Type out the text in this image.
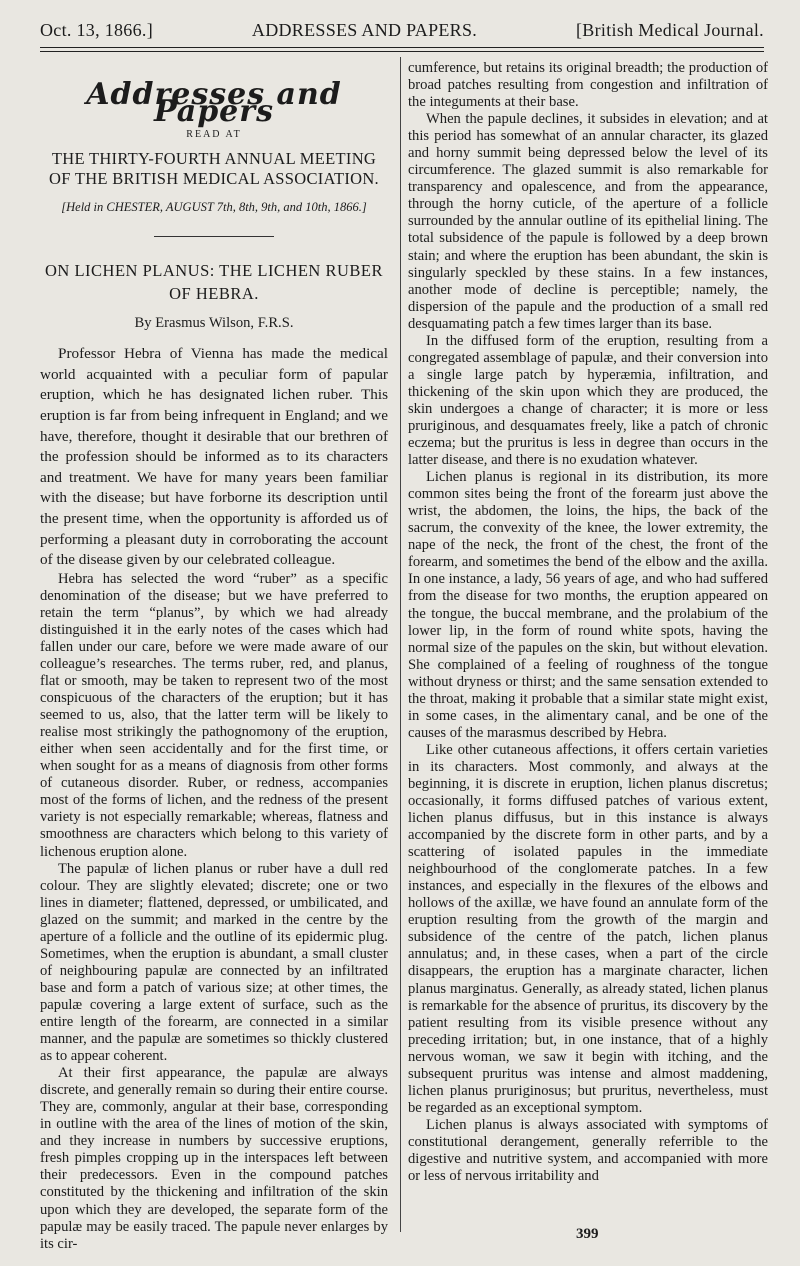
Oct. 13, 1866.]	ADDRESSES AND PAPERS.	[British Medical Journal.
Addresses and Papers
READ AT
THE THIRTY-FOURTH ANNUAL MEETING OF THE BRITISH MEDICAL ASSOCIATION.
[Held in CHESTER, AUGUST 7th, 8th, 9th, and 10th, 1866.]
ON LICHEN PLANUS: THE LICHEN RUBER OF HEBRA.
By Erasmus Wilson, F.R.S.

Professor Hebra of Vienna has made the medical world acquainted with a peculiar form of papular eruption, which he has designated lichen ruber. This eruption is far from being infrequent in England; and we have, therefore, thought it desirable that our brethren of the profession should be informed as to its characters and treatment. We have for many years been familiar with the disease; but have forborne its description until the present time, when the opportunity is afforded us of performing a pleasant duty in corroborating the account of the disease given by our celebrated colleague.

Hebra has selected the word “ruber” as a specific denomination of the disease; but we have preferred to retain the term “planus”, by which we had already distinguished it in the early notes of the cases which had fallen under our care, before we were made aware of our colleague’s researches. The terms ruber, red, and planus, flat or smooth, may be taken to represent two of the most conspicuous of the characters of the eruption; but it has seemed to us, also, that the latter term will be likely to realise most strikingly the pathognomony of the eruption, either when seen accidentally and for the first time, or when sought for as a means of diagnosis from other forms of cutaneous disorder. Ruber, or redness, accompanies most of the forms of lichen, and the redness of the present variety is not especially remarkable; whereas, flatness and smoothness are characters which belong to this variety of lichenous eruption alone.

The papulæ of lichen planus or ruber have a dull red colour. They are slightly elevated; discrete; one or two lines in diameter; flattened, depressed, or umbilicated, and glazed on the summit; and marked in the centre by the aperture of a follicle and the outline of its epidermic plug. Sometimes, when the eruption is abundant, a small cluster of neighbouring papulæ are connected by an infiltrated base and form a patch of various size; at other times, the papulæ covering a large extent of surface, such as the entire length of the forearm, are connected in a similar manner, and the papulæ are sometimes so thickly clustered as to appear coherent.

At their first appearance, the papulæ are always discrete, and generally remain so during their entire course. They are, commonly, angular at their base, corresponding in outline with the area of the lines of motion of the skin, and they increase in numbers by successive eruptions, fresh pimples cropping up in the interspaces left between their predecessors. Even in the compound patches constituted by the thickening and infiltration of the skin upon which they are developed, the separate form of the papulæ may be easily traced. The papule never enlarges by its cir-

cumference, but retains its original breadth; the production of broad patches resulting from congestion and infiltration of the integuments at their base.

When the papule declines, it subsides in elevation; and at this period has somewhat of an annular character, its glazed and horny summit being depressed below the level of its circumference. The glazed summit is also remarkable for transparency and opalescence, and from the appearance, through the horny cuticle, of the aperture of a follicle surrounded by the annular outline of its epithelial lining. The total subsidence of the papule is followed by a deep brown stain; and where the eruption has been abundant, the skin is singularly speckled by these stains. In a few instances, another mode of decline is perceptible; namely, the dispersion of the papule and the production of a small red desquamating patch a few times larger than its base.

In the diffused form of the eruption, resulting from a congregated assemblage of papulæ, and their conversion into a single large patch by hyperæmia, infiltration, and thickening of the skin upon which they are produced, the skin undergoes a change of character; it is more or less pruriginous, and desquamates freely, like a patch of chronic eczema; but the pruritus is less in degree than occurs in the latter disease, and there is no exudation whatever.

Lichen planus is regional in its distribution, its more common sites being the front of the forearm just above the wrist, the abdomen, the loins, the hips, the back of the sacrum, the convexity of the knee, the lower extremity, the nape of the neck, the front of the chest, the front of the forearm, and sometimes the bend of the elbow and the axilla. In one instance, a lady, 56 years of age, and who had suffered from the disease for two months, the eruption appeared on the tongue, the buccal membrane, and the prolabium of the lower lip, in the form of round white spots, having the normal size of the papules on the skin, but without elevation. She complained of a feeling of roughness of the tongue without dryness or thirst; and the same sensation extended to the throat, making it probable that a similar state might exist, in some cases, in the alimentary canal, and be one of the causes of the marasmus described by Hebra.

Like other cutaneous affections, it offers certain varieties in its characters. Most commonly, and always at the beginning, it is discrete in eruption, lichen planus discretus; occasionally, it forms diffused patches of various extent, lichen planus diffusus, but in this instance is always accompanied by the discrete form in other parts, and by a scattering of isolated papules in the immediate neighbourhood of the conglomerate patches. In a few instances, and especially in the flexures of the elbows and hollows of the axillæ, we have found an annulate form of the eruption resulting from the growth of the margin and subsidence of the centre of the patch, lichen planus annulatus; and, in these cases, when a part of the circle disappears, the eruption has a marginate character, lichen planus marginatus. Generally, as already stated, lichen planus is remarkable for the absence of pruritus, its discovery by the patient resulting from its visible presence without any preceding irritation; but, in one instance, that of a highly nervous woman, we saw it begin with itching, and the subsequent pruritus was intense and almost maddening, lichen planus pruriginosus; but pruritus, nevertheless, must be regarded as an exceptional symptom.

Lichen planus is always associated with symptoms of constitutional derangement, generally referrible to the digestive and nutritive system, and accompanied with more or less of nervous irritability and

399
